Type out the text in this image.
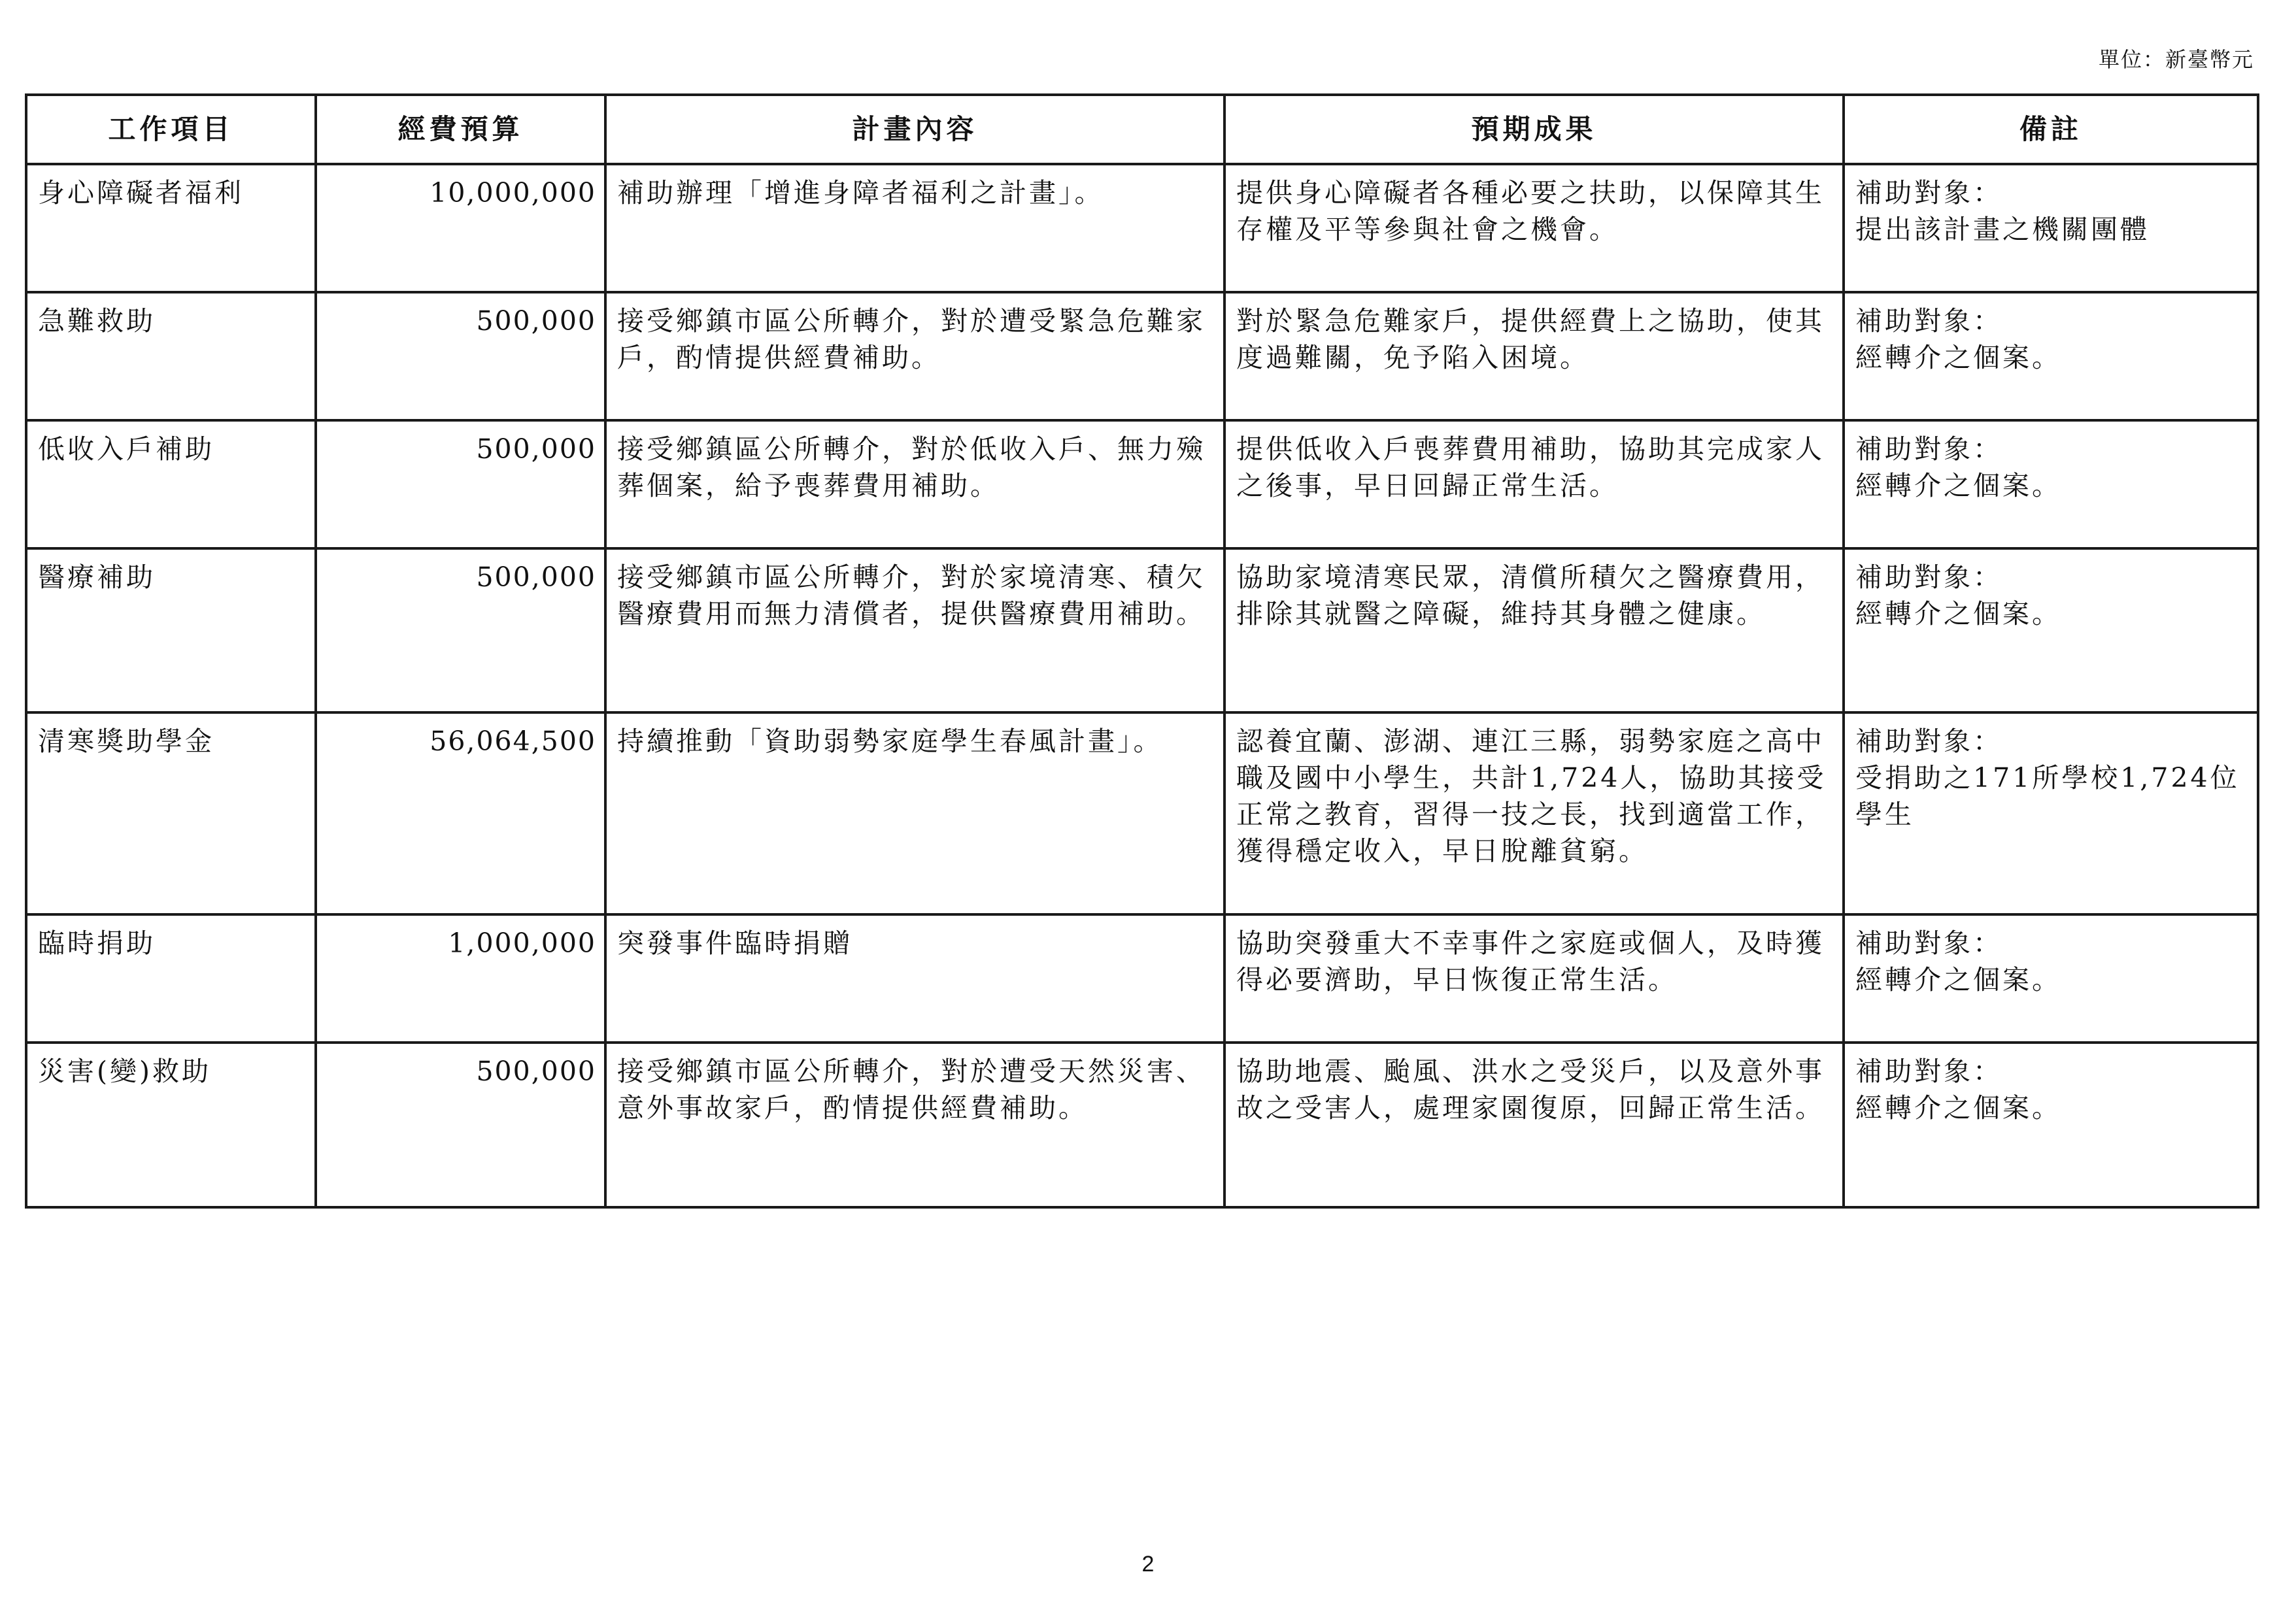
單位：新臺幣元
工作項目	經費預算	計畫內容	預期成果	備註
身心障礙者福利	10,000,000	補助辦理「增進身障者福利之計畫」。	提供身心障礙者各種必要之扶助，以保障其生存權及平等參與社會之機會。	補助對象：
提出該計畫之機關團體

急難救助	500,000	接受鄉鎮市區公所轉介，對於遭受緊急危難家戶，酌情提供經費補助。	對於緊急危難家戶，提供經費上之協助，使其度過難關，免予陷入困境。	補助對象：
經轉介之個案。

低收入戶補助	500,000	接受鄉鎮區公所轉介，對於低收入戶、無力殮葬個案，給予喪葬費用補助。	提供低收入戶喪葬費用補助，協助其完成家人之後事，早日回歸正常生活。	補助對象：
經轉介之個案。

醫療補助	500,000	接受鄉鎮市區公所轉介，對於家境清寒、積欠醫療費用而無力清償者，提供醫療費用補助。	協助家境清寒民眾，清償所積欠之醫療費用，排除其就醫之障礙，維持其身體之健康。	補助對象：
經轉介之個案。

清寒獎助學金	56,064,500	持續推動「資助弱勢家庭學生春風計畫」。	認養宜蘭、澎湖、連江三縣，弱勢家庭之高中職及國中小學生，共計1,724人，協助其接受正常之教育，習得一技之長，找到適當工作，獲得穩定收入，早日脫離貧窮。	補助對象：
受捐助之171所學校1,724位學生

臨時捐助	1,000,000	突發事件臨時捐贈	協助突發重大不幸事件之家庭或個人，及時獲得必要濟助，早日恢復正常生活。	補助對象：
經轉介之個案。

災害(變)救助	500,000	接受鄉鎮市區公所轉介，對於遭受天然災害、意外事故家戶，酌情提供經費補助。	協助地震、颱風、洪水之受災戶，以及意外事故之受害人，處理家園復原，回歸正常生活。	補助對象：
經轉介之個案。
2
